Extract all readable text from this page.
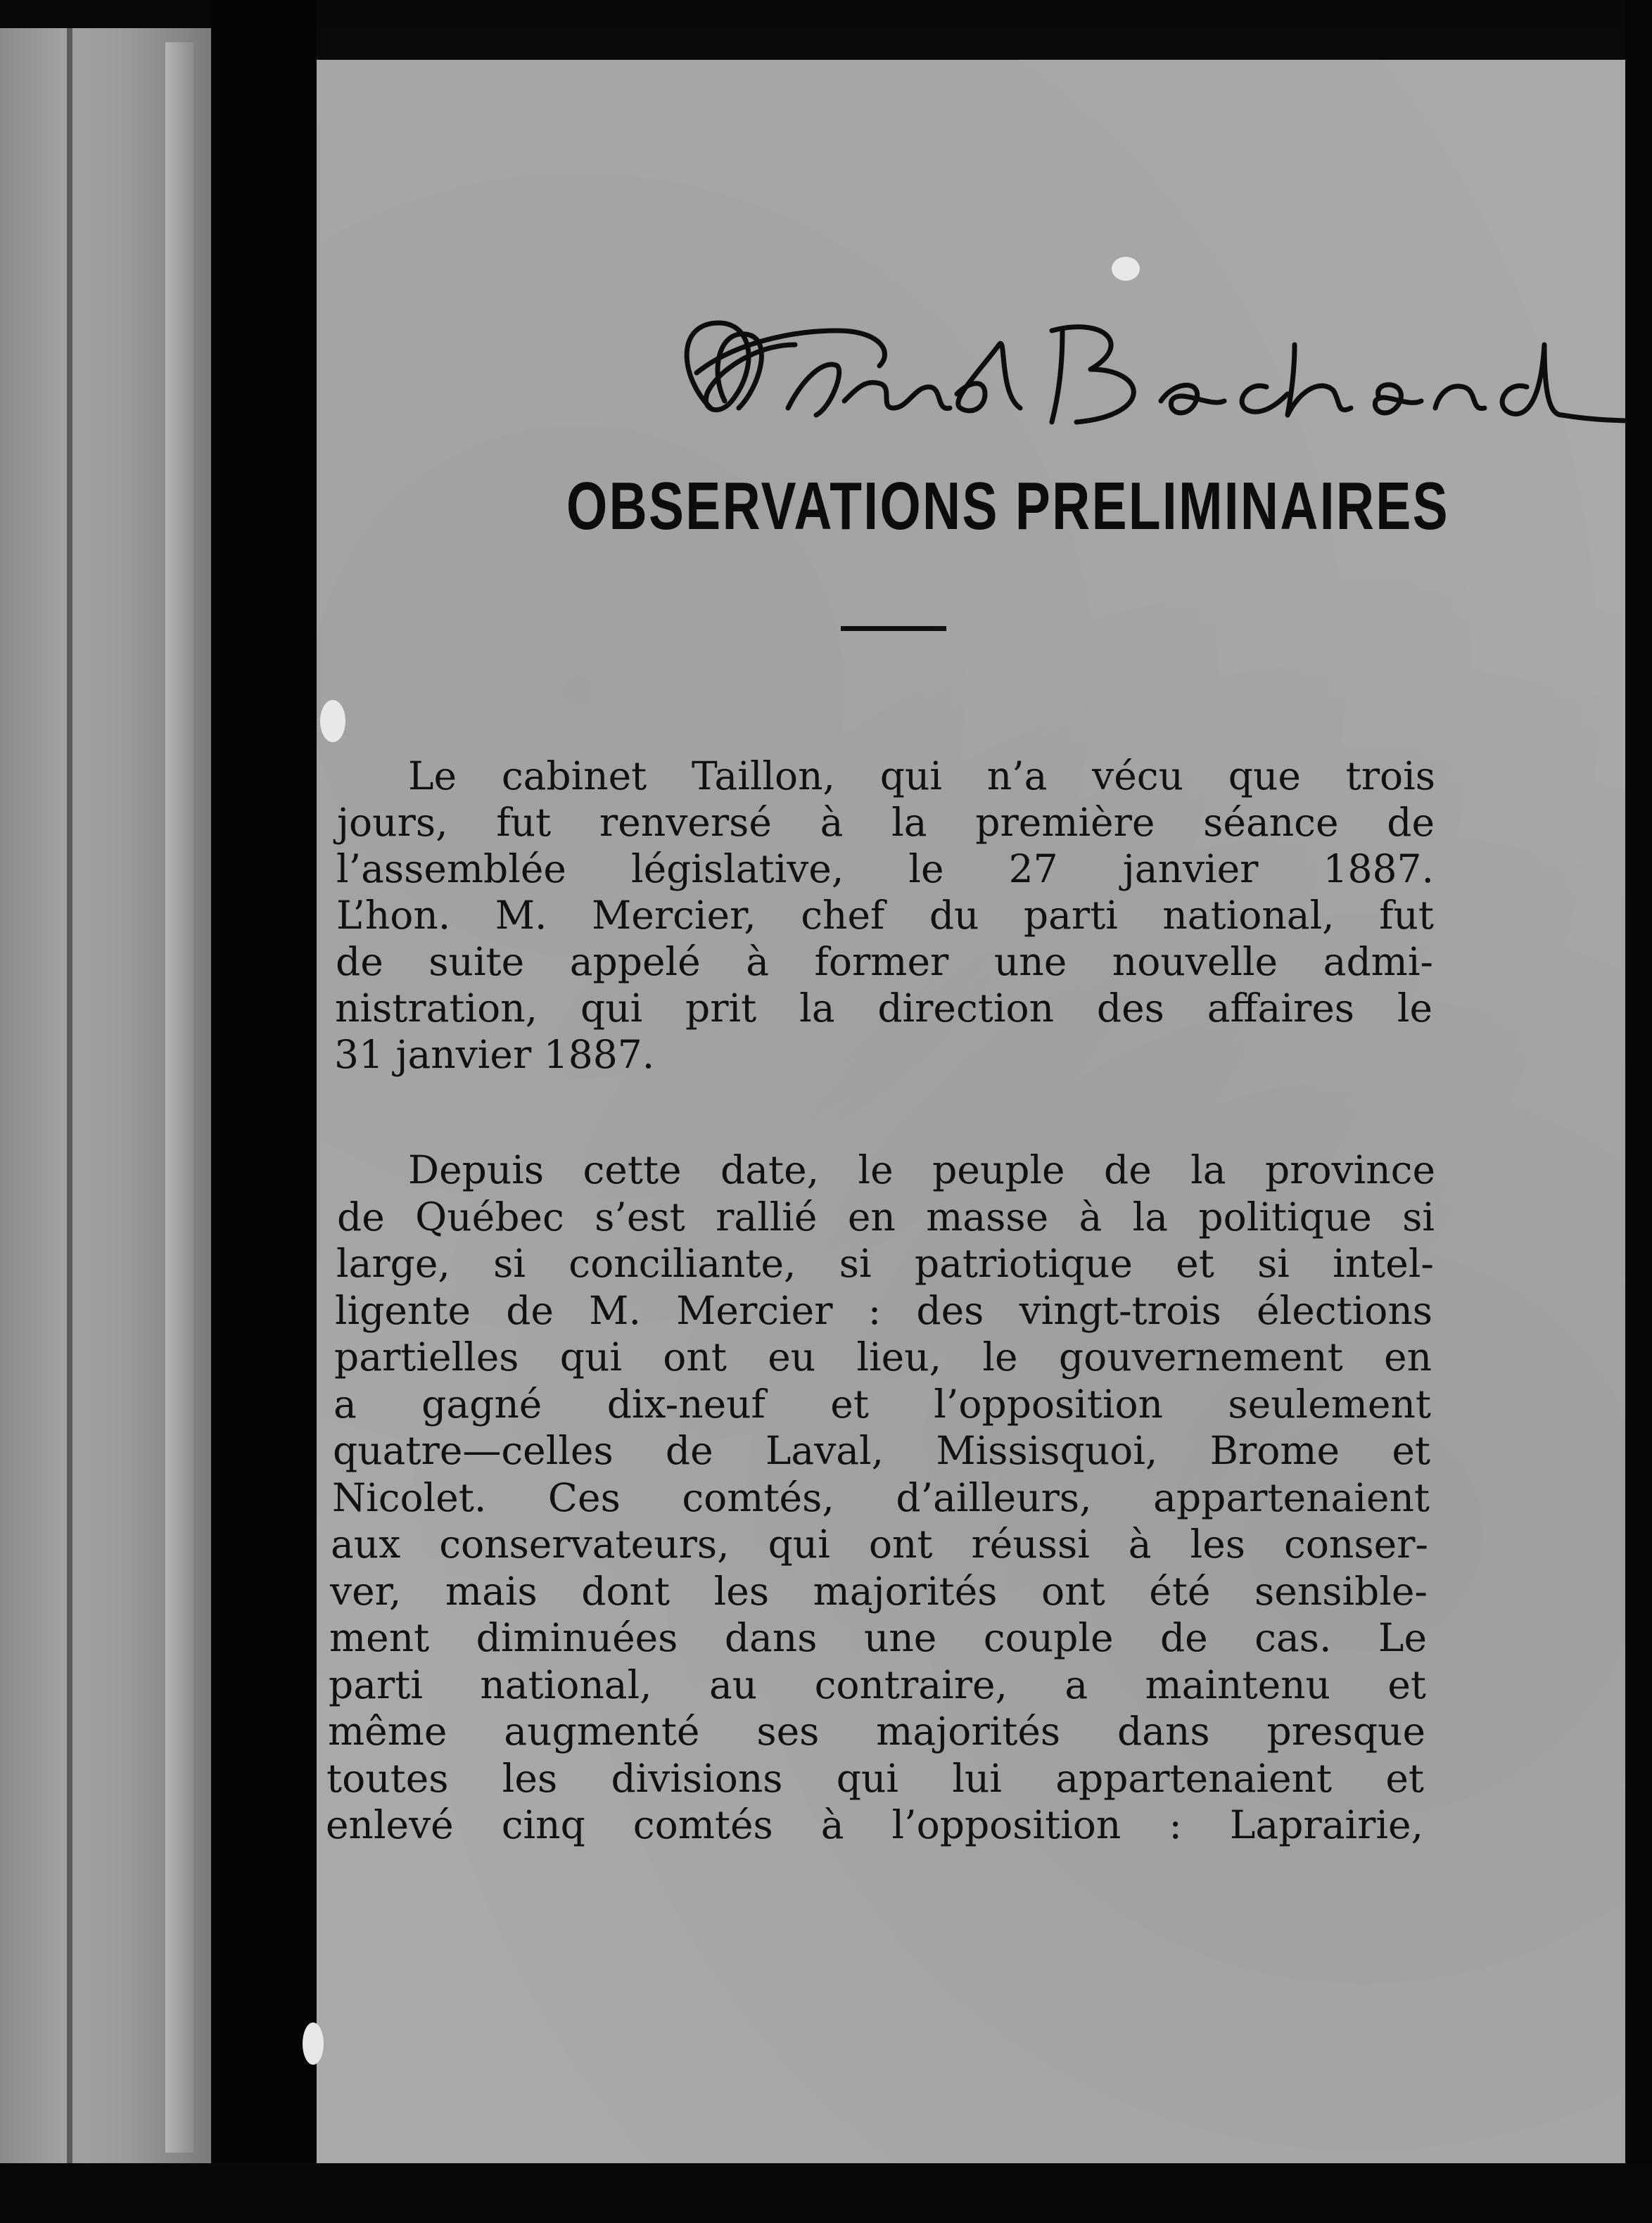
OBSERVATIONS PRELIMINAIRES
Le cabinet Taillon, qui n’a vécu que trois
jours, fut renversé à la première séance de
l’assemblée législative, le 27 janvier 1887.
L’hon. M. Mercier, chef du parti national, fut
de suite appelé à former une nouvelle admi-
nistration, qui prit la direction des affaires le
31 janvier 1887.
Depuis cette date, le peuple de la province
de Québec s’est rallié en masse à la politique si
large, si conciliante, si patriotique et si intel-
ligente de M. Mercier : des vingt-trois élections
partielles qui ont eu lieu, le gouvernement en
a gagné dix-neuf et l’opposition seulement
quatre—celles de Laval, Missisquoi, Brome et
Nicolet. Ces comtés, d’ailleurs, appartenaient
aux conservateurs, qui ont réussi à les conser-
ver, mais dont les majorités ont été sensible-
ment diminuées dans une couple de cas. Le
parti national, au contraire, a maintenu et
même augmenté ses majorités dans presque
toutes les divisions qui lui appartenaient et
enlevé cinq comtés à l’opposition : Laprairie,
